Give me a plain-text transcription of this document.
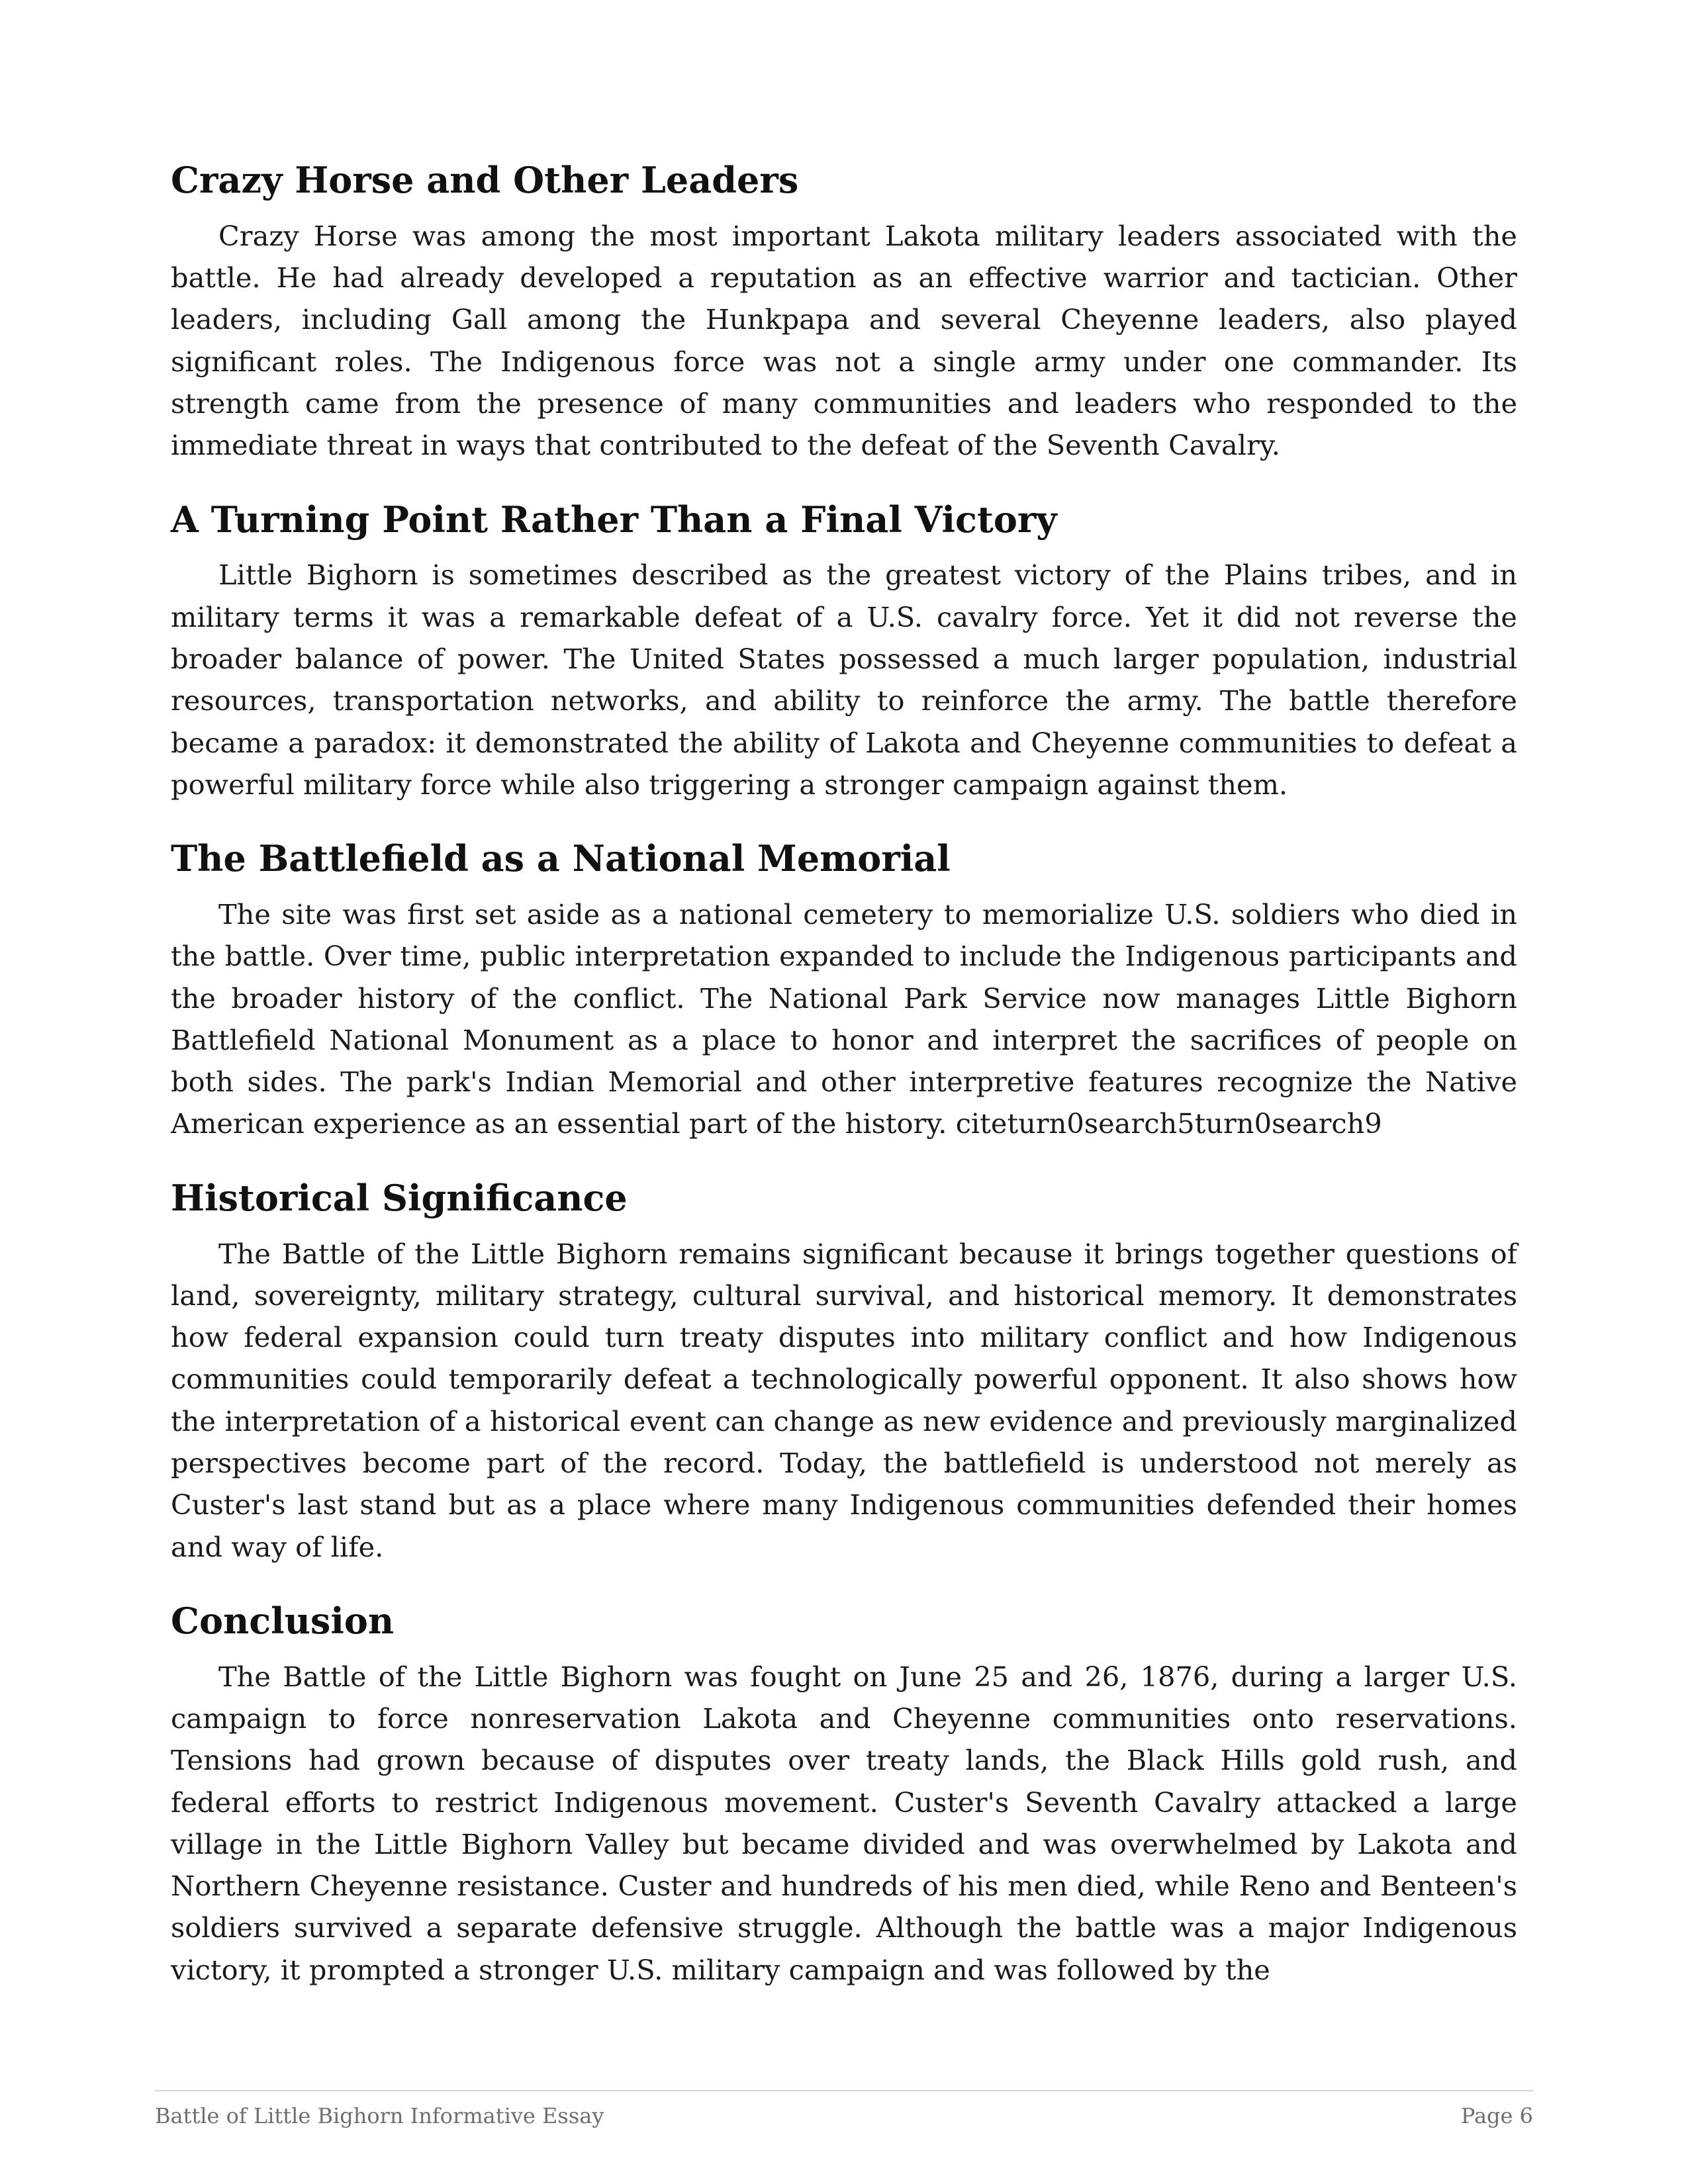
Crazy Horse and Other Leaders

Crazy Horse was among the most important Lakota military leaders associated with the battle. He had already developed a reputation as an effective warrior and tactician. Other leaders, including Gall among the Hunkpapa and several Cheyenne leaders, also played significant roles. The Indigenous force was not a single army under one commander. Its strength came from the presence of many communities and leaders who responded to the immediate threat in ways that contributed to the defeat of the Seventh Cavalry.

A Turning Point Rather Than a Final Victory

Little Bighorn is sometimes described as the greatest victory of the Plains tribes, and in military terms it was a remarkable defeat of a U.S. cavalry force. Yet it did not reverse the broader balance of power. The United States possessed a much larger population, industrial resources, transportation networks, and ability to reinforce the army. The battle therefore became a paradox: it demonstrated the ability of Lakota and Cheyenne communities to defeat a powerful military force while also triggering a stronger campaign against them.

The Battlefield as a National Memorial

The site was first set aside as a national cemetery to memorialize U.S. soldiers who died in the battle. Over time, public interpretation expanded to include the Indigenous participants and the broader history of the conflict. The National Park Service now manages Little Bighorn Battlefield National Monument as a place to honor and interpret the sacrifices of people on both sides. The park's Indian Memorial and other interpretive features recognize the Native American experience as an essential part of the history. citeturn0search5turn0search9

Historical Significance

The Battle of the Little Bighorn remains significant because it brings together questions of land, sovereignty, military strategy, cultural survival, and historical memory. It demonstrates how federal expansion could turn treaty disputes into military conflict and how Indigenous communities could temporarily defeat a technologically powerful opponent. It also shows how the interpretation of a historical event can change as new evidence and previously marginalized perspectives become part of the record. Today, the battlefield is understood not merely as Custer's last stand but as a place where many Indigenous communities defended their homes and way of life.

Conclusion

The Battle of the Little Bighorn was fought on June 25 and 26, 1876, during a larger U.S. campaign to force nonreservation Lakota and Cheyenne communities onto reservations. Tensions had grown because of disputes over treaty lands, the Black Hills gold rush, and federal efforts to restrict Indigenous movement. Custer's Seventh Cavalry attacked a large village in the Little Bighorn Valley but became divided and was overwhelmed by Lakota and Northern Cheyenne resistance. Custer and hundreds of his men died, while Reno and Benteen's soldiers survived a separate defensive struggle. Although the battle was a major Indigenous victory, it prompted a stronger U.S. military campaign and was followed by the

Battle of Little Bighorn Informative Essay	Page 6
